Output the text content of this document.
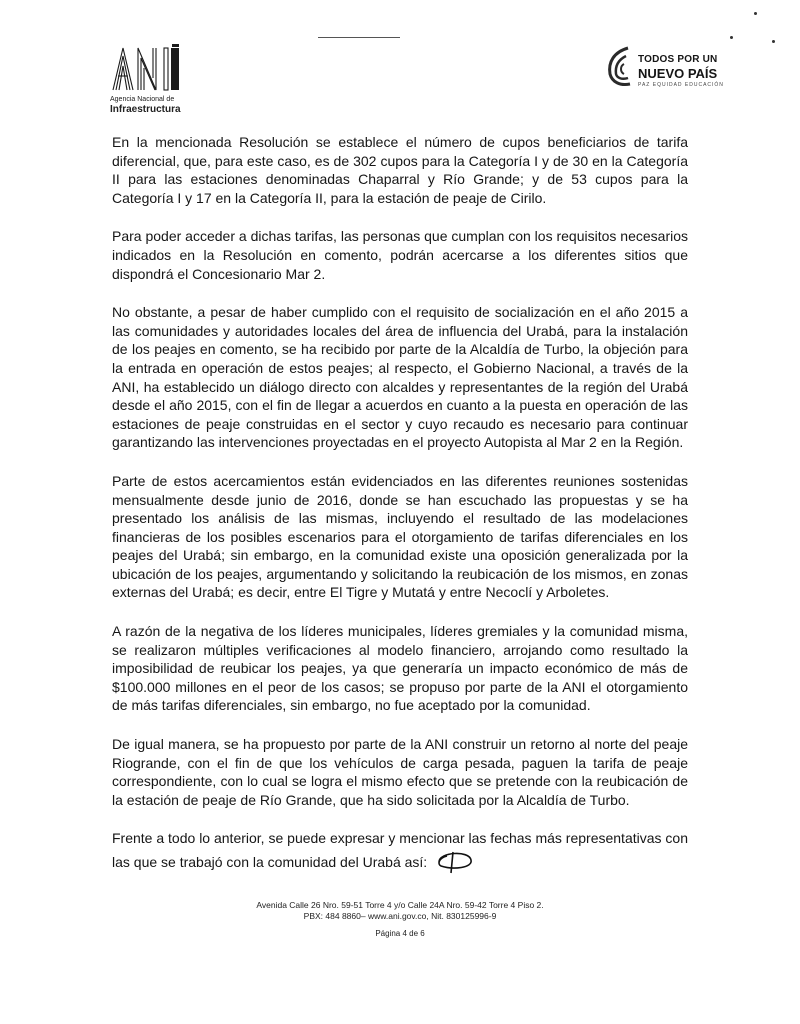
Agencia Nacional de
Infraestructura
TODOS POR UN
NUEVO PAÍS
PAZ EQUIDAD EDUCACIÓN

En la mencionada Resolución se establece el número de cupos beneficiarios de tarifa diferencial, que, para este caso, es de 302 cupos para la Categoría I y de 30 en la Categoría II para las estaciones denominadas Chaparral y Río Grande; y de 53 cupos para la Categoría I y 17 en la Categoría II, para la estación de peaje de Cirilo.

Para poder acceder a dichas tarifas, las personas que cumplan con los requisitos necesarios indicados en la Resolución en comento, podrán acercarse a los diferentes sitios que dispondrá el Concesionario Mar 2.

No obstante, a pesar de haber cumplido con el requisito de socialización en el año 2015 a las comunidades y autoridades locales del área de influencia del Urabá, para la instalación de los peajes en comento, se ha recibido por parte de la Alcaldía de Turbo, la objeción para la entrada en operación de estos peajes; al respecto, el Gobierno Nacional, a través de la ANI, ha establecido un diálogo directo con alcaldes y representantes de la región del Urabá desde el año 2015, con el fin de llegar a acuerdos en cuanto a la puesta en operación de las estaciones de peaje construidas en el sector y cuyo recaudo es necesario para continuar garantizando las intervenciones proyectadas en el proyecto Autopista al Mar 2 en la Región.

Parte de estos acercamientos están evidenciados en las diferentes reuniones sostenidas mensualmente desde junio de 2016, donde se han escuchado las propuestas y se ha presentado los análisis de las mismas, incluyendo el resultado de las modelaciones financieras de los posibles escenarios para el otorgamiento de tarifas diferenciales en los peajes del Urabá; sin embargo, en la comunidad existe una oposición generalizada por la ubicación de los peajes, argumentando y solicitando la reubicación de los mismos, en zonas externas del Urabá; es decir, entre El Tigre y Mutatá y entre Necoclí y Arboletes.

A razón de la negativa de los líderes municipales, líderes gremiales y la comunidad misma, se realizaron múltiples verificaciones al modelo financiero, arrojando como resultado la imposibilidad de reubicar los peajes, ya que generaría un impacto económico de más de $100.000 millones en el peor de los casos; se propuso por parte de la ANI el otorgamiento de más tarifas diferenciales, sin embargo, no fue aceptado por la comunidad.

De igual manera, se ha propuesto por parte de la ANI construir un retorno al norte del peaje Riogrande, con el fin de que los vehículos de carga pesada, paguen la tarifa de peaje correspondiente, con lo cual se logra el mismo efecto que se pretende con la reubicación de la estación de peaje de Río Grande, que ha sido solicitada por la Alcaldía de Turbo.

Frente a todo lo anterior, se puede expresar y mencionar las fechas más representativas con las que se trabajó con la comunidad del Urabá así:

Avenida Calle 26 Nro. 59-51 Torre 4 y/o Calle 24A Nro. 59-42 Torre 4 Piso 2.
PBX: 484 8860– www.ani.gov.co, Nit. 830125996-9
Página 4 de 6
